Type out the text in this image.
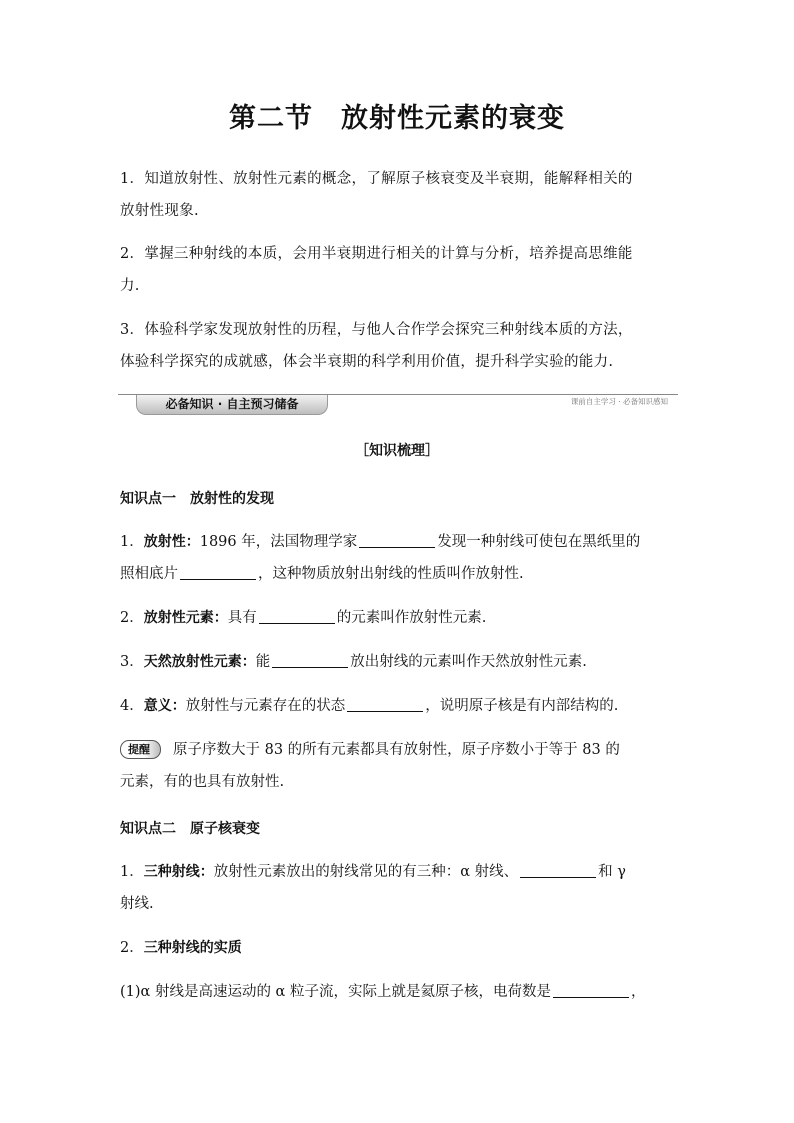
第二节 放射性元素的衰变
1．知道放射性、放射性元素的概念，了解原子核衰变及半衰期，能解释相关的
放射性现象.
2．掌握三种射线的本质，会用半衰期进行相关的计算与分析，培养提高思维能
力.
3．体验科学家发现放射性的历程，与他人合作学会探究三种射线本质的方法，
体验科学探究的成就感，体会半衰期的科学利用价值，提升科学实验的能力.
必备知识 · 自主预习储备	课前自主学习 · 必备知识感知
［知识梳理］
知识点一　放射性的发现
1．放射性：1896 年，法国物理学家	发现一种射线可使包在黑纸里的
照相底片	，这种物质放射出射线的性质叫作放射性.
2．放射性元素：具有	的元素叫作放射性元素.
3．天然放射性元素：能	放出射线的元素叫作天然放射性元素.
4．意义：放射性与元素存在的状态	，说明原子核是有内部结构的.
提醒 原子序数大于 83 的所有元素都具有放射性，原子序数小于等于 83 的
元素，有的也具有放射性.
知识点二　原子核衰变
1．三种射线：放射性元素放出的射线常见的有三种：α 射线、	和 γ
射线.
2．三种射线的实质
(1)α 射线是高速运动的 α 粒子流，实际上就是氦原子核，电荷数是	，
